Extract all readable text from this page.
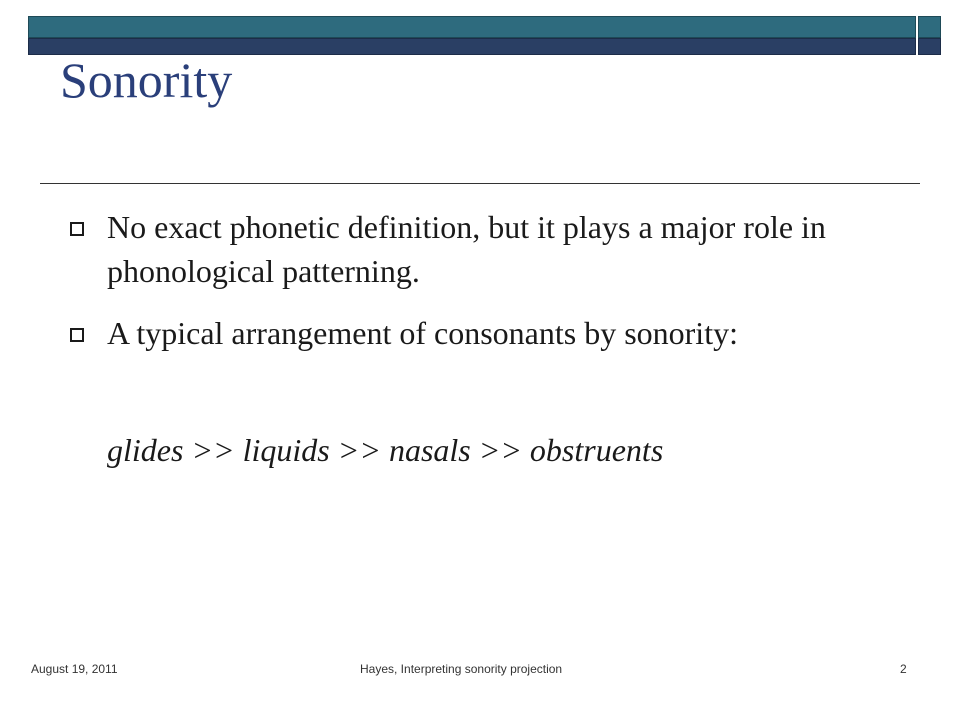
Sonority
No exact phonetic definition, but it plays a major role in phonological patterning.
A typical arrangement of consonants by sonority:
glides >> liquids >> nasals >> obstruents
August 19, 2011	Hayes, Interpreting sonority projection	2
